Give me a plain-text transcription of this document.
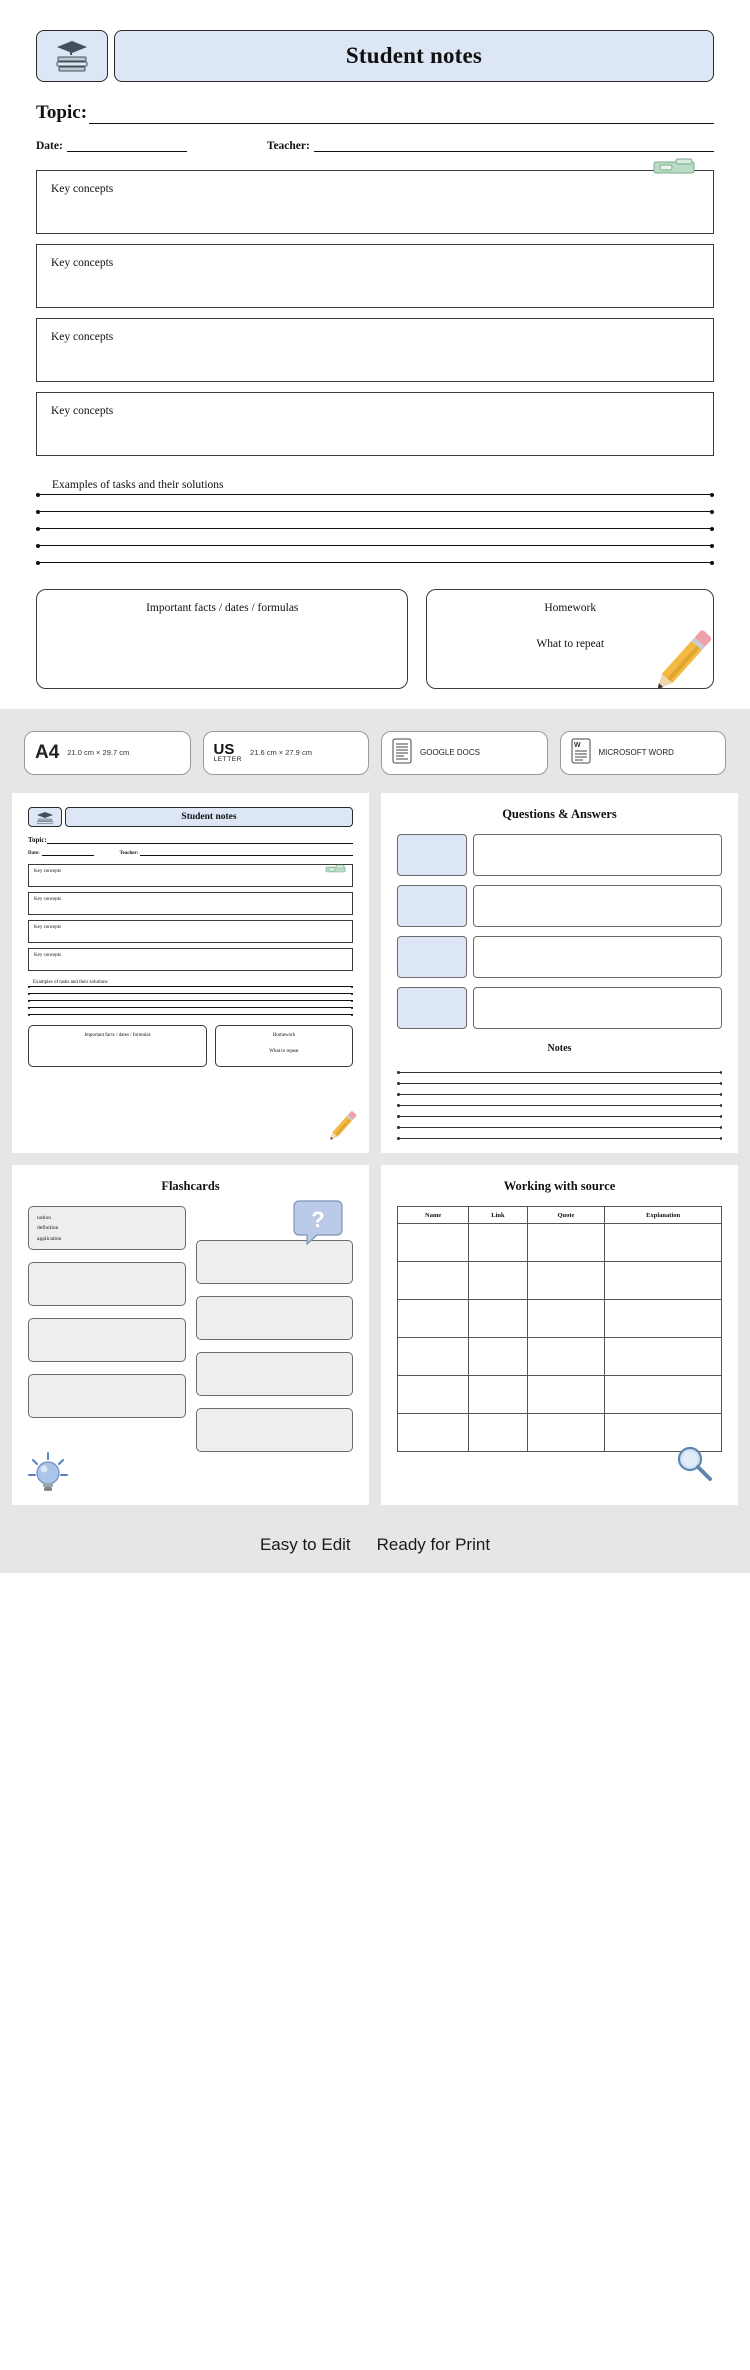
Student notes
Topic:
Date:	Teacher:
Key concepts
Key concepts
Key concepts
Key concepts
Examples of tasks and their solutions
Important facts / dates / formulas	Homework
What to repeat
A4 21.0 cm × 29.7 cm	US
LETTER
21.6 cm × 27.9 cm	GOOGLE DOCS
W
MICROSOFT WORD
Student notes
Topic:
Date:	Teacher:
Key concepts
Key concepts
Key concepts
Key concepts
Examples of tasks and their solutions
Important facts / dates / formulas	Homework
What to repeat
Questions & Answers
Notes
Flashcards
notion
definition
application
?
Working with source
Name	Link	Quote	Explanation

Easy to Edit Ready for Print
